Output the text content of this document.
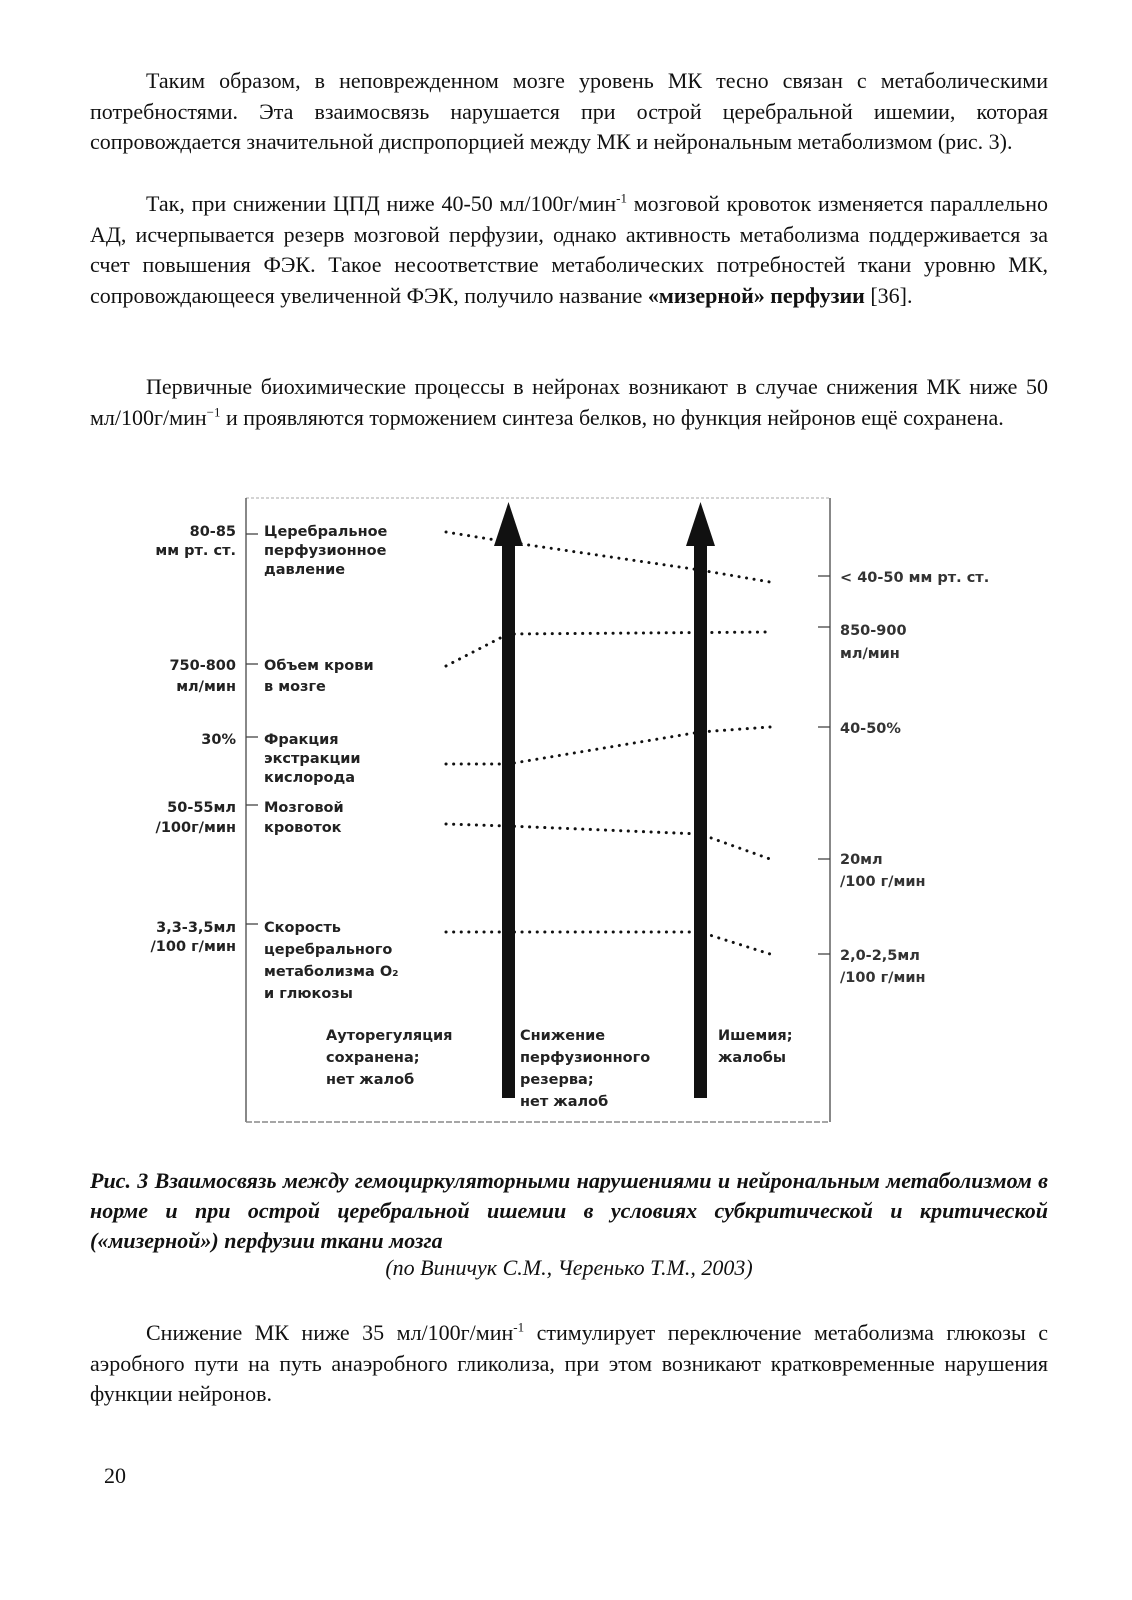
Таким образом, в неповрежденном мозге уровень МК тесно связан с метаболическими потребностями. Эта взаимосвязь нарушается при острой церебральной ишемии, которая сопровождается значительной диспропорцией между МК и нейрональным метаболизмом (рис. 3).

Так, при снижении ЦПД ниже 40-50 мл/100г/мин$^{-1}$ мозговой кровоток изменяется параллельно АД, исчерпывается резерв мозговой перфузии, однако активность метаболизма поддерживается за счет повышения ФЭК. Такое несоответствие метаболических потребностей ткани уровню МК, сопровождающееся увеличенной ФЭК, получило название «мизерной» перфузии [36].

Первичные биохимические процессы в нейронах возникают в случае снижения МК ниже 50 мл/100г/мин$^{-1}$ и проявляются торможением синтеза белков, но функция нейронов ещё сохранена.

80-85 мм рт. ст.
750-800 мл/мин
30%
50-55мл /100г/мин
3,3-3,5мл /100 г/мин
Церебральное перфузионное давление
Объем крови в мозге
Фракция экстракции кислорода
Мозговой кровоток
Скорость церебрального метаболизма O₂ и глюкозы
< 40-50 мм рт. ст.
850-900 мл/мин
40-50%
20мл /100 г/мин
2,0-2,5мл /100 г/мин
Ауторегуляция сохранена; нет жалоб
Снижение перфузионного резерва; нет жалоб
Ишемия; жалобы

Рис. 3 Взаимосвязь между гемоциркуляторными нарушениями и нейрональным метаболизмом в норме и при острой церебральной ишемии в условиях субкритической и критической («мизерной») перфузии ткани мозга

(по Виничук С.М., Черенько Т.М., 2003)

Снижение МК ниже 35 мл/100г/мин$^{-1}$ стимулирует переключение метаболизма глюкозы с аэробного пути на путь анаэробного гликолиза, при этом возникают кратковременные нарушения функции нейронов.

20
